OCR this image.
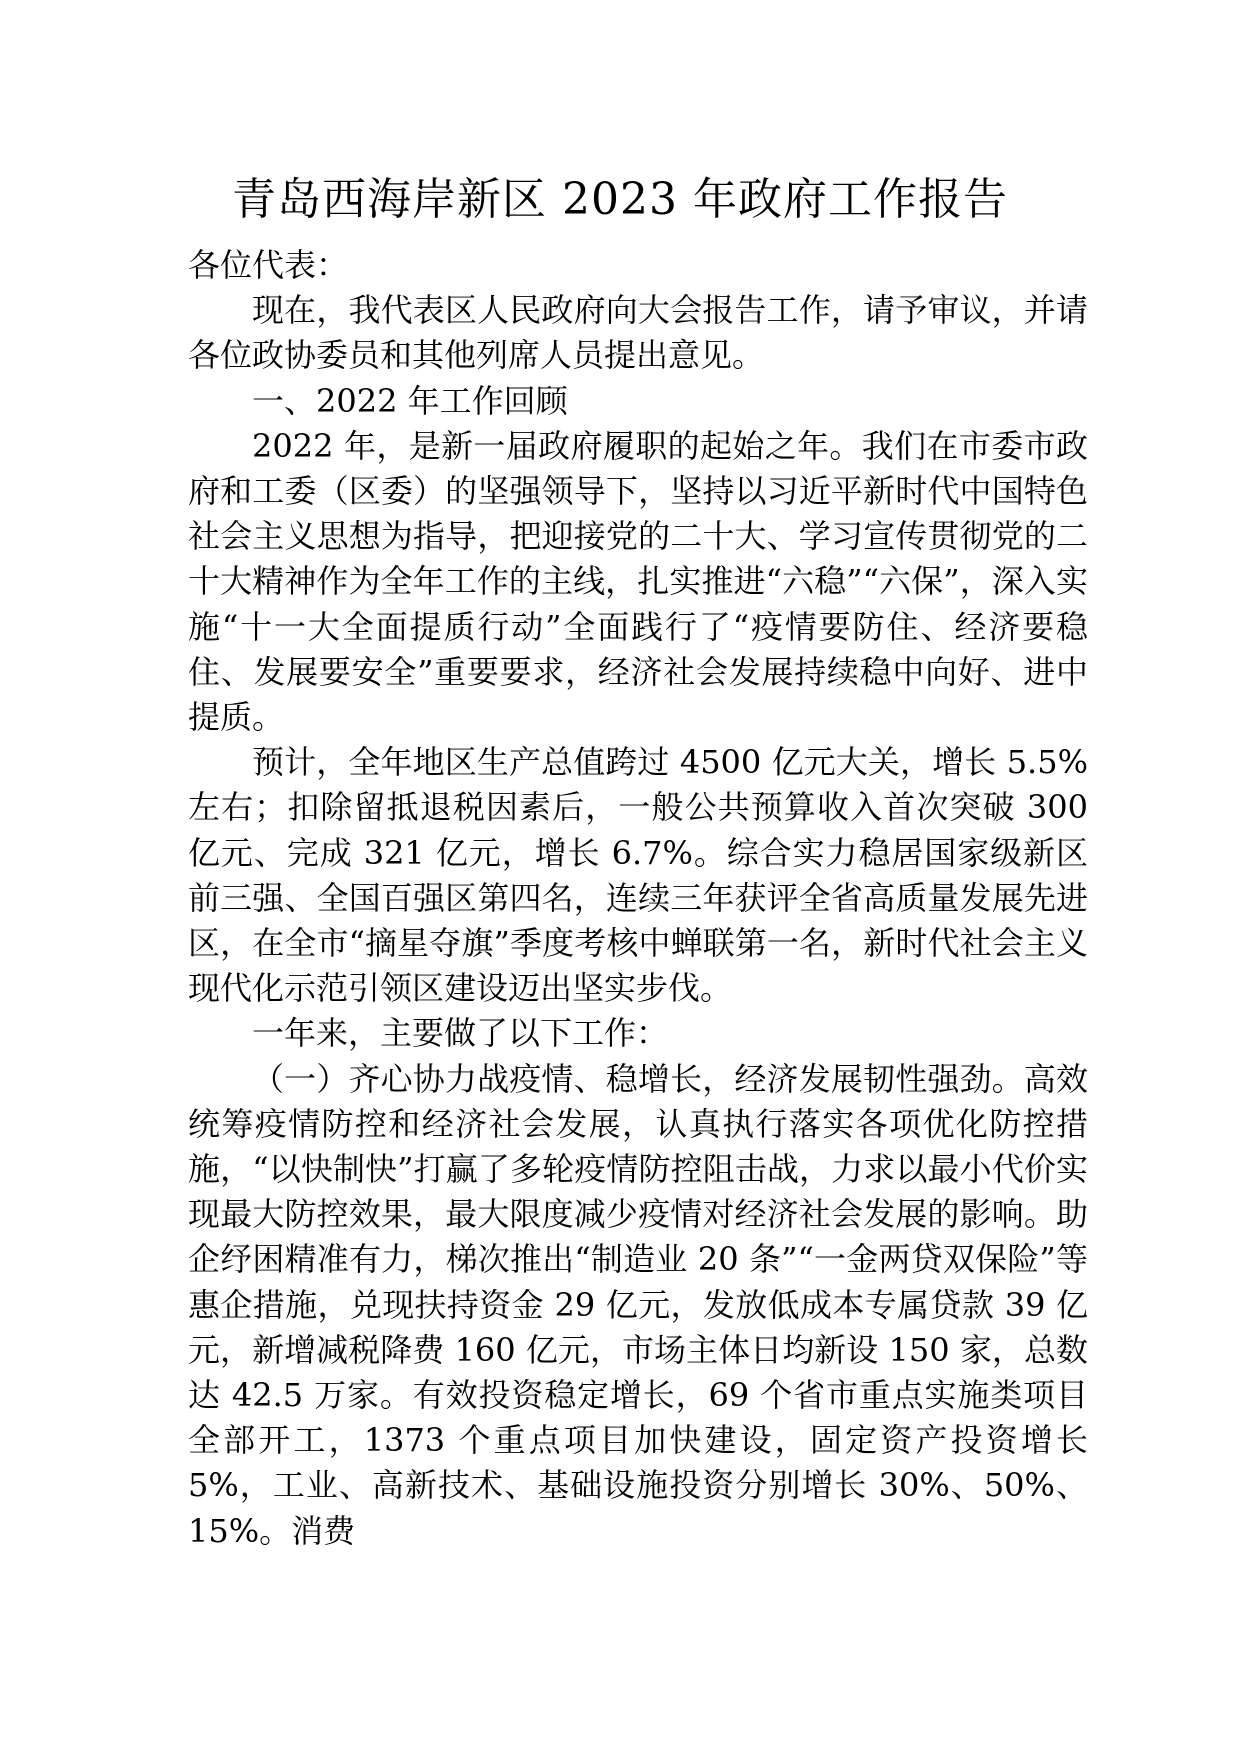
青岛西海岸新区 2023 年政府工作报告

各位代表：

现在，我代表区人民政府向大会报告工作，请予审议，并请各位政协委员和其他列席人员提出意见。

一、2022 年工作回顾

2022 年，是新一届政府履职的起始之年。我们在市委市政府和工委（区委）的坚强领导下，坚持以习近平新时代中国特色社会主义思想为指导，把迎接党的二十大、学习宣传贯彻党的二十大精神作为全年工作的主线，扎实推进“六稳”“六保”，深入实施“十一大全面提质行动”全面践行了“疫情要防住、经济要稳住、发展要安全”重要要求，经济社会发展持续稳中向好、进中提质。

预计，全年地区生产总值跨过 4500 亿元大关，增长 5.5%左右；扣除留抵退税因素后，一般公共预算收入首次突破 300 亿元、完成 321 亿元，增长 6.7%。综合实力稳居国家级新区前三强、全国百强区第四名，连续三年获评全省高质量发展先进区，在全市“摘星夺旗”季度考核中蝉联第一名，新时代社会主义现代化示范引领区建设迈出坚实步伐。

一年来，主要做了以下工作：

（一）齐心协力战疫情、稳增长，经济发展韧性强劲。高效统筹疫情防控和经济社会发展，认真执行落实各项优化防控措施，“以快制快”打赢了多轮疫情防控阻击战，力求以最小代价实现最大防控效果，最大限度减少疫情对经济社会发展的影响。助企纾困精准有力，梯次推出“制造业 20 条”“一金两贷双保险”等惠企措施，兑现扶持资金 29 亿元，发放低成本专属贷款 39 亿元，新增减税降费 160 亿元，市场主体日均新设 150 家，总数达 42.5 万家。有效投资稳定增长，69 个省市重点实施类项目全部开工，1373 个重点项目加快建设，固定资产投资增长 5%，工业、高新技术、基础设施投资分别增长 30%、50%、15%。消费
